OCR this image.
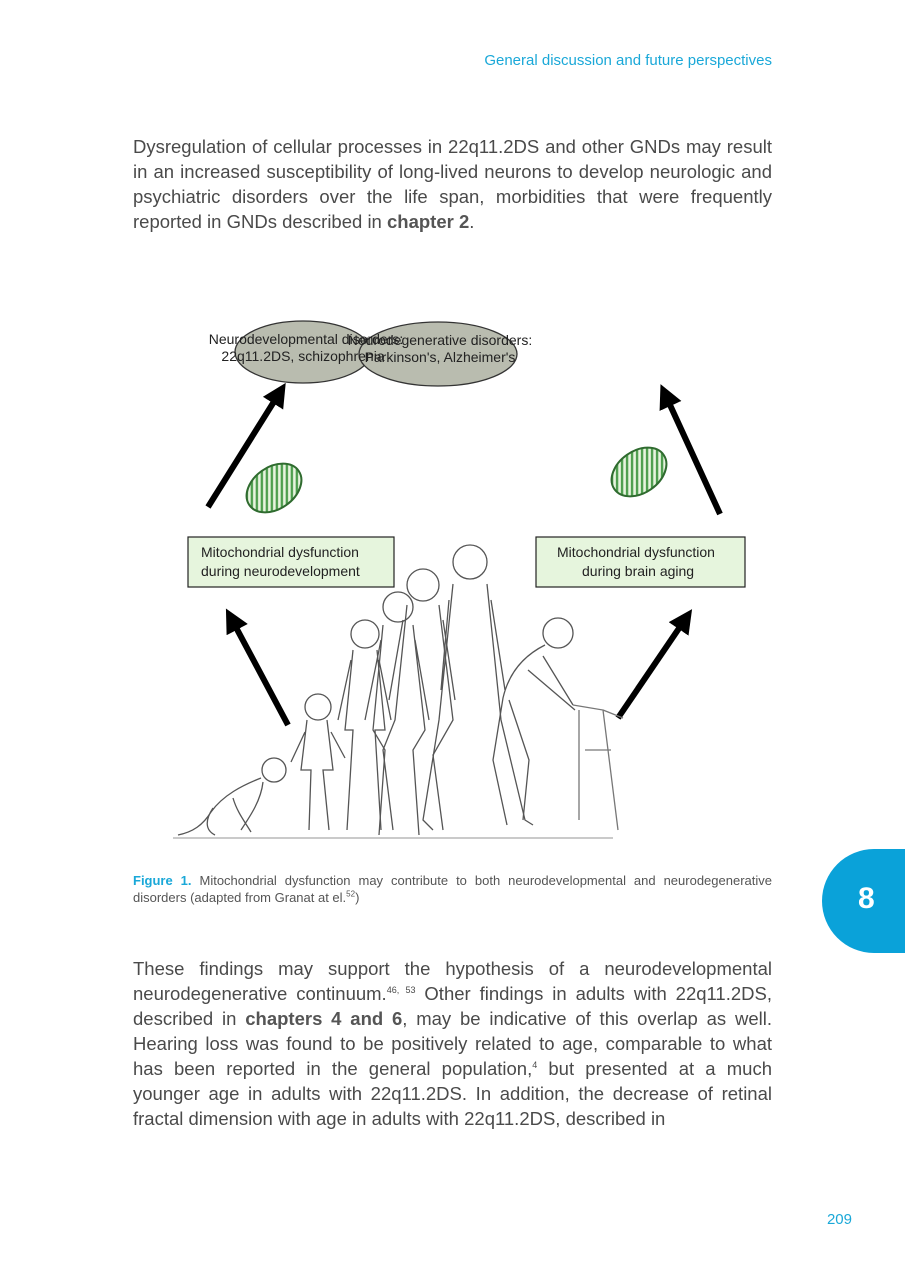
General discussion and future perspectives

Dysregulation of cellular processes in 22q11.2DS and other GNDs may result in an increased susceptibility of long-lived neurons to develop neurologic and psychiatric disorders over the life span, morbidities that were frequently reported in GNDs described in chapter 2.

Neurodevelopmental disorders:
22q11.2DS, schizophrenia
Neurodegenerative disorders:
Parkinson's, Alzheimer's
Mitochondrial dysfunction
during neurodevelopment
Mitochondrial dysfunction
during brain aging

Figure 1. Mitochondrial dysfunction may contribute to both neurodevelopmental and neurodegenerative disorders (adapted from Granat at el.$^{52}$)	8

These findings may support the hypothesis of a neurodevelopmental neurodegenerative continuum.$^{46, 53}$ Other findings in adults with 22q11.2DS, described in chapters 4 and 6, may be indicative of this overlap as well. Hearing loss was found to be positively related to age, comparable to what has been reported in the general population,$^4$ but presented at a much younger age in adults with 22q11.2DS. In addition, the decrease of retinal fractal dimension with age in adults with 22q11.2DS, described in

209
